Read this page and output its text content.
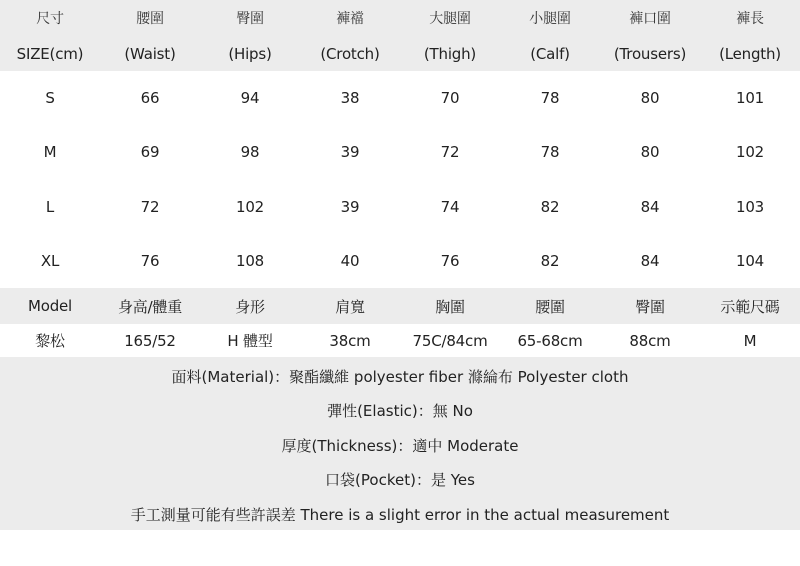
尺寸	腰圍	臀圍	褲襠	大腿圍	小腿圍	褲口圍	褲長
SIZE(cm)	(Waist)	(Hips)	(Crotch)	(Thigh)	(Calf)	(Trousers)	(Length)
S	66	94	38	70	78	80	101
M	69	98	39	72	78	80	102
L	72	102	39	74	82	84	103
XL	76	108	40	76	82	84	104
Model	身高/體重	身形	肩寬	胸圍	腰圍	臀圍	示範尺碼
黎松	165/52	H 體型	38cm	75C/84cm	65-68cm	88cm	M
面料(Material)：聚酯纖維 polyester fiber 滌綸布 Polyester cloth
彈性(Elastic)：無 No
厚度(Thickness)：適中 Moderate
口袋(Pocket)：是 Yes
手工測量可能有些許誤差 There is a slight error in the actual measurement
